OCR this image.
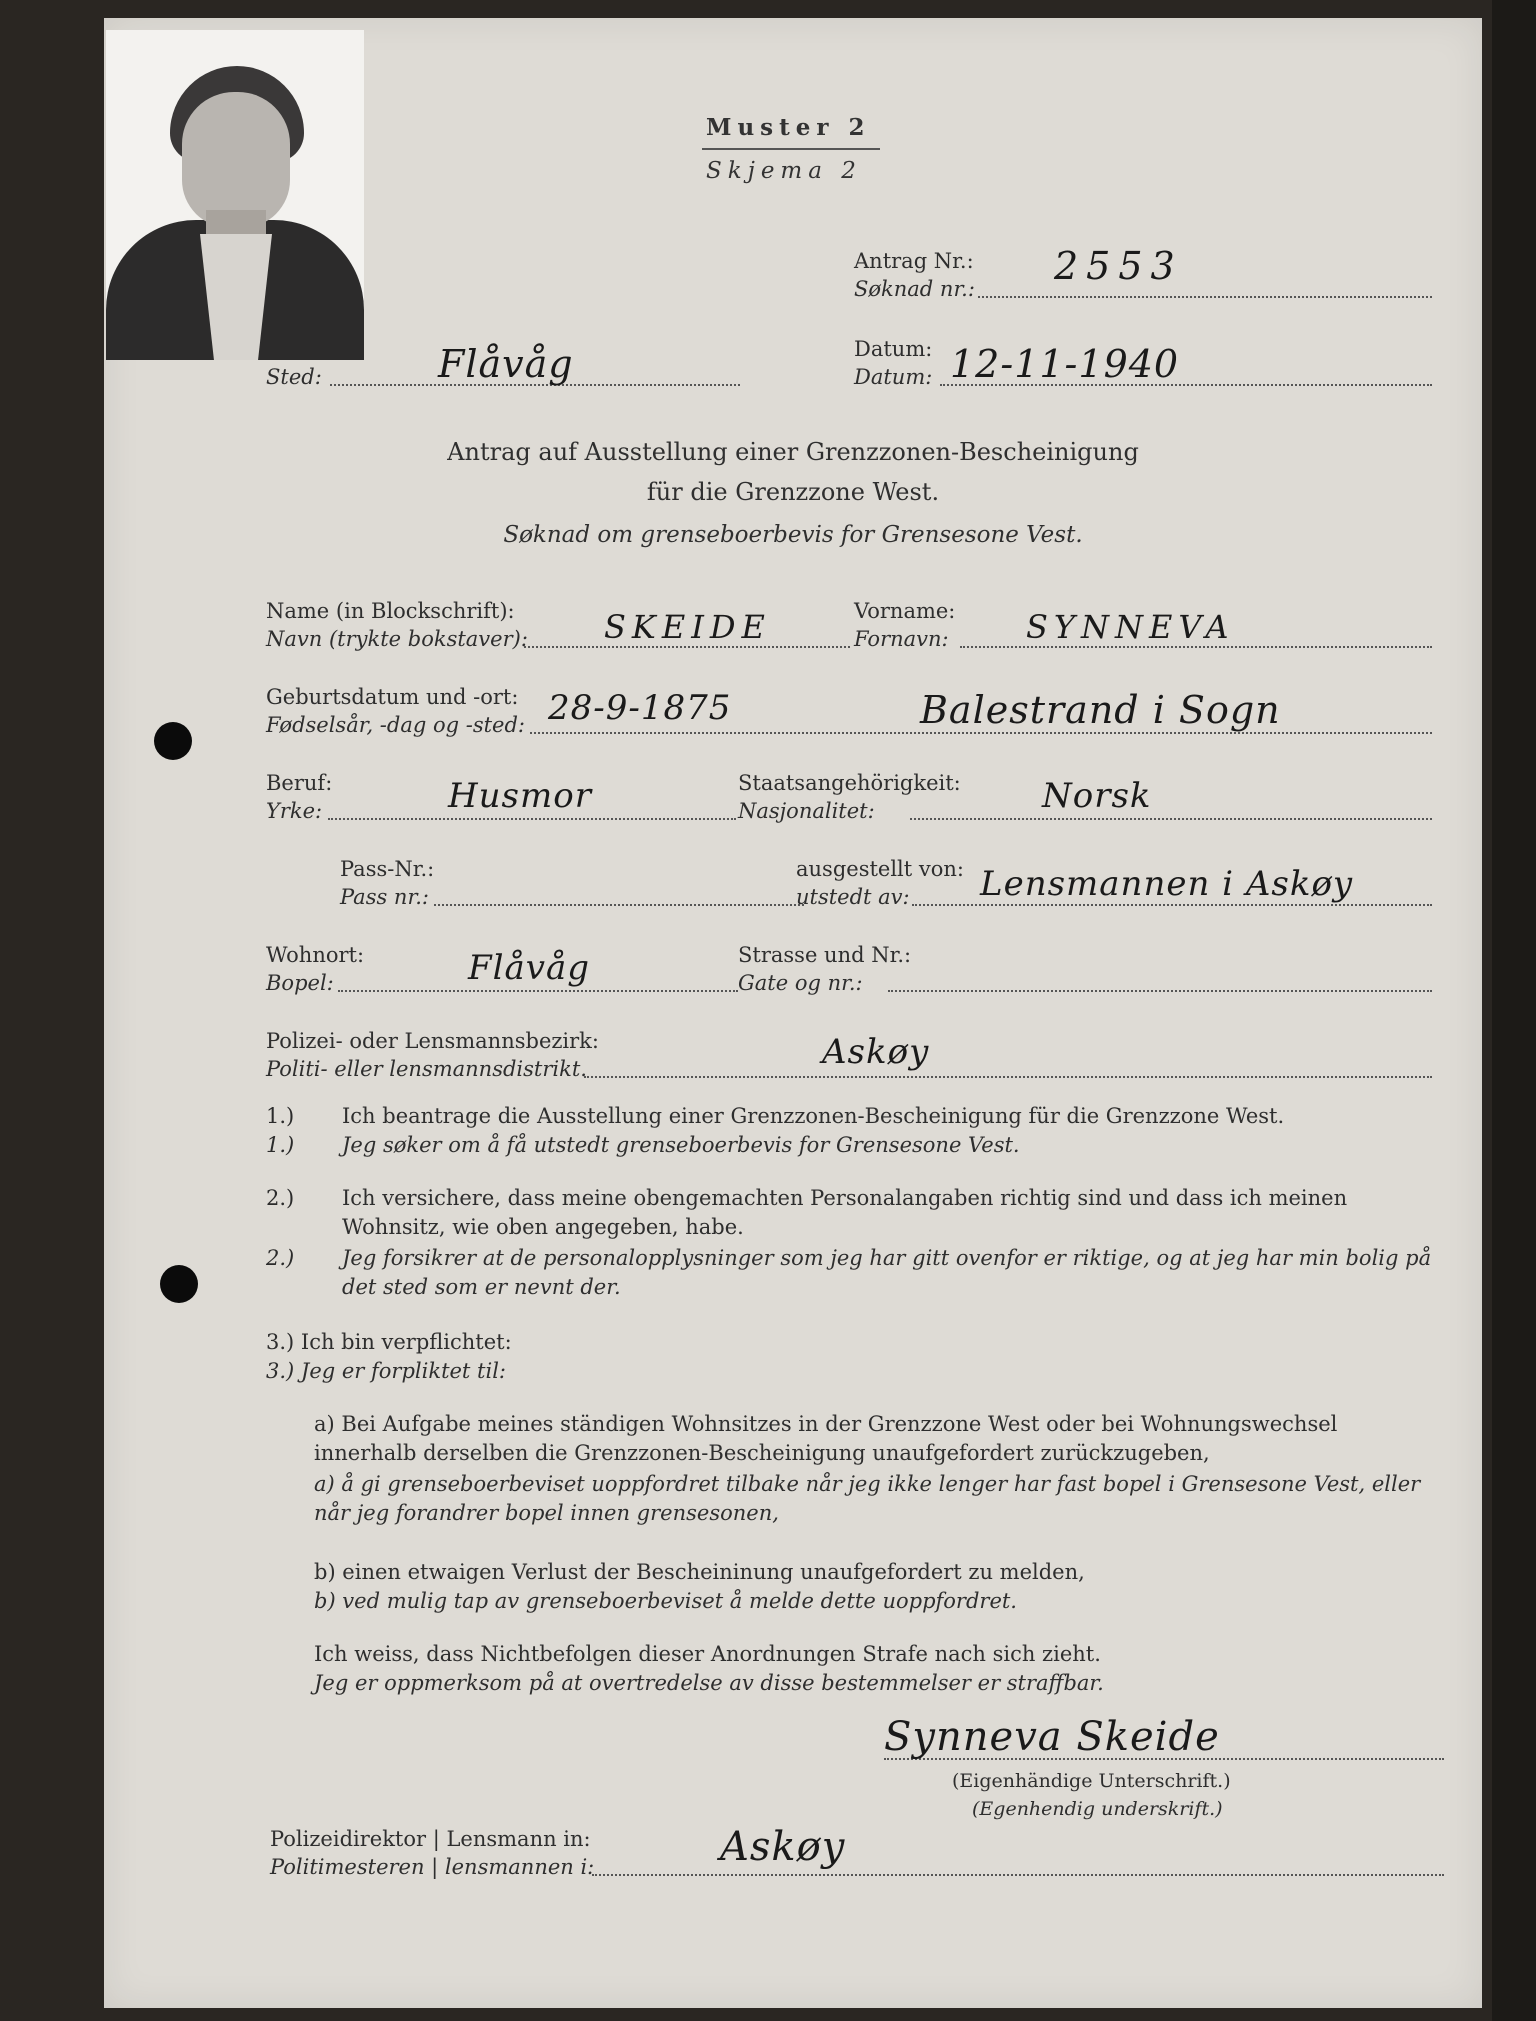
Muster 2
Skjema 2
Antrag Nr.:
Søknad nr.:
2553
Sted:	Flåvåg	Datum:
Datum: 12-11-1940
Antrag auf Ausstellung einer Grenzzonen-Bescheinigung
für die Grenzzone West.
Søknad om grenseboerbevis for Grensesone Vest.
Name (in Blockschrift):
Navn (trykte bokstaver): SKEIDE	Vorname:
Fornavn: SYNNEVA
Geburtsdatum und -ort:
Fødselsår, -dag og -sted: 28-9-1875	Balestrand i Sogn
Beruf:
Yrke:	Husmor	Staatsangehörigkeit:
Nasjonalitet:	Norsk
Pass-Nr.:
Pass nr.:
ausgestellt von:
utstedt av: Lensmannen i Askøy
Wohnort:
Bopel:	Flåvåg	Strasse und Nr.:
Gate og nr.:
Polizei- oder Lensmannsbezirk:
Politi- eller lensmannsdistrikt.	Askøy
1.)
1.)
Ich beantrage die Ausstellung einer Grenzzonen-Bescheinigung für die Grenzzone West.
Jeg søker om å få utstedt grenseboerbevis for Grensesone Vest.
2.)
2.)
Ich versichere, dass meine obengemachten Personalangaben richtig sind und dass ich meinen Wohnsitz, wie oben angegeben, habe.
Jeg forsikrer at de personalopplysninger som jeg har gitt ovenfor er riktige, og at jeg har min bolig på det sted som er nevnt der.
3.) Ich bin verpflichtet:
3.) Jeg er forpliktet til:
a) Bei Aufgabe meines ständigen Wohnsitzes in der Grenzzone West oder bei Wohnungswechsel innerhalb derselben die Grenzzonen-Bescheinigung unaufgefordert zurückzugeben,
a) å gi grenseboerbeviset uoppfordret tilbake når jeg ikke lenger har fast bopel i Grensesone Vest, eller når jeg forandrer bopel innen grensesonen,
b) einen etwaigen Verlust der Bescheininung unaufgefordert zu melden,
b) ved mulig tap av grenseboerbeviset å melde dette uoppfordret.
Ich weiss, dass Nichtbefolgen dieser Anordnungen Strafe nach sich zieht.
Jeg er oppmerksom på at overtredelse av disse bestemmelser er straffbar.
Synneva Skeide
(Eigenhändige Unterschrift.)
(Egenhendig underskrift.)
Polizeidirektor | Lensmann in:
Politimesteren | lensmannen i:	Askøy
